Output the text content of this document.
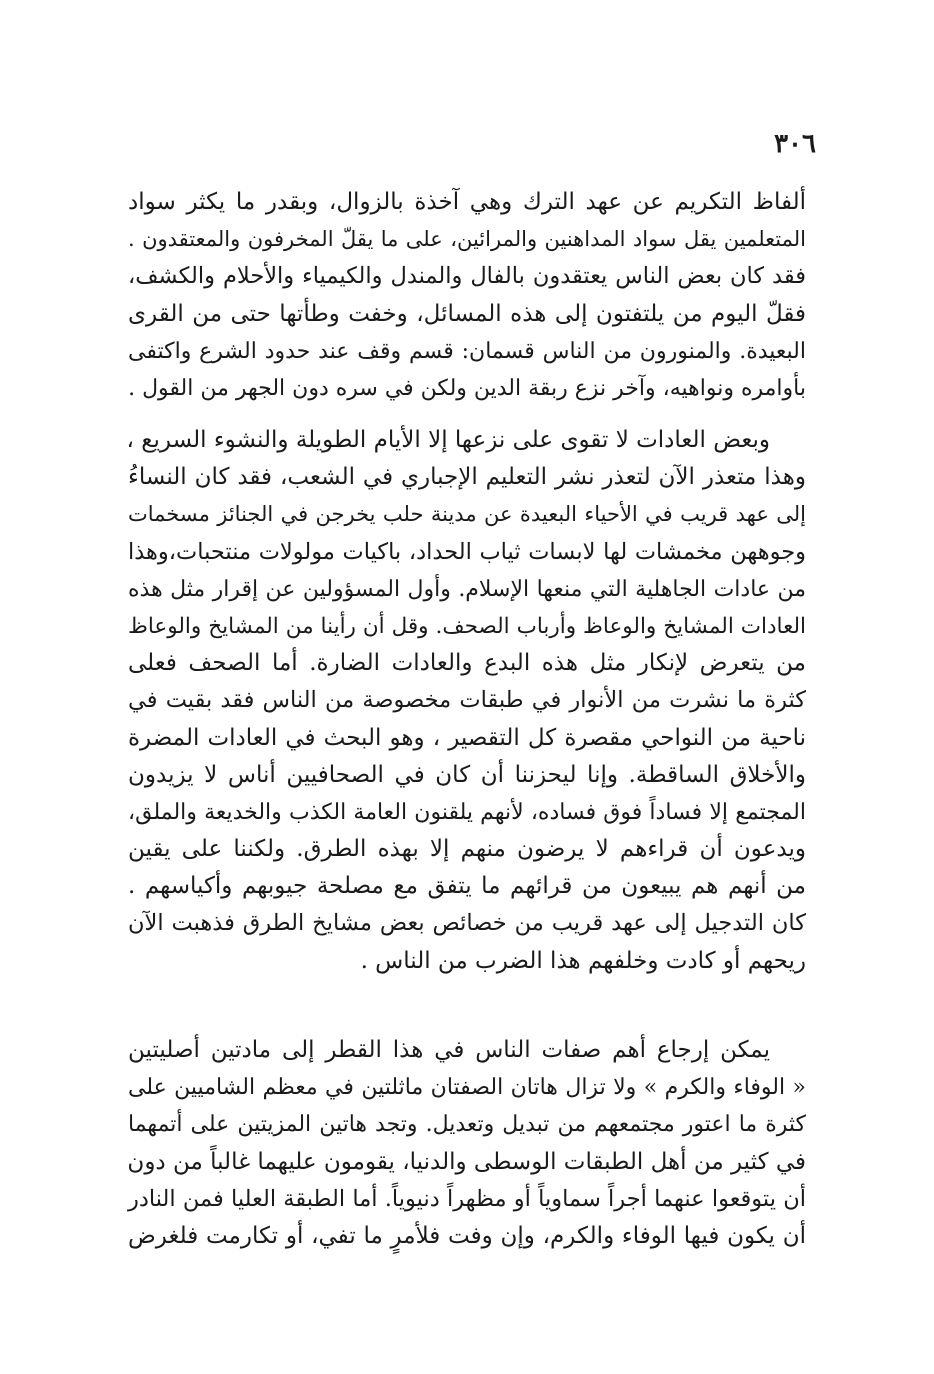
٣٠٦
ألفاظ التكريم عن عهد الترك وهي آخذة بالزوال، وبقدر ما يكثر سواد
المتعلمين يقل سواد المداهنين والمرائين، على ما يقلّ المخرفون والمعتقدون .
فقد كان بعض الناس يعتقدون بالفال والمندل والكيمياء والأحلام والكشف،
فقلّ اليوم من يلتفتون إلى هذه المسائل، وخفت وطأتها حتى من القرى
البعيدة. والمنورون من الناس قسمان: قسم وقف عند حدود الشرع واكتفى
بأوامره ونواهيه، وآخر نزع ربقة الدين ولكن في سره دون الجهر من القول .
وبعض العادات لا تقوى على نزعها إلا الأيام الطويلة والنشوء السريع ،
وهذا متعذر الآن لتعذر نشر التعليم الإجباري في الشعب، فقد كان النساءُ
إلى عهد قريب في الأحياء البعيدة عن مدينة حلب يخرجن في الجنائز مسخمات
وجوههن مخمشات لها لابسات ثياب الحداد، باكيات مولولات منتحبات،وهذا
من عادات الجاهلية التي منعها الإسلام. وأول المسؤولين عن إقرار مثل هذه
العادات المشايخ والوعاظ وأرباب الصحف. وقل أن رأينا من المشايخ والوعاظ
من يتعرض لإنكار مثل هذه البدع والعادات الضارة. أما الصحف فعلى
كثرة ما نشرت من الأنوار في طبقات مخصوصة من الناس فقد بقيت في
ناحية من النواحي مقصرة كل التقصير ، وهو البحث في العادات المضرة
والأخلاق الساقطة. وإنا ليحزننا أن كان في الصحافيين أناس لا يزيدون
المجتمع إلا فساداً فوق فساده، لأنهم يلقنون العامة الكذب والخديعة والملق،
ويدعون أن قراءهم لا يرضون منهم إلا بهذه الطرق. ولكننا على يقين
من أنهم هم يبيعون من قرائهم ما يتفق مع مصلحة جيوبهم وأكياسهم .
كان التدجيل إلى عهد قريب من خصائص بعض مشايخ الطرق فذهبت الآن
ريحهم أو كادت وخلفهم هذا الضرب من الناس .
يمكن إرجاع أهم صفات الناس في هذا القطر إلى مادتين أصليتين
« الوفاء والكرم » ولا تزال هاتان الصفتان ماثلتين في معظم الشاميين على
كثرة ما اعتور مجتمعهم من تبديل وتعديل. وتجد هاتين المزيتين على أتمهما
في كثير من أهل الطبقات الوسطى والدنيا، يقومون عليهما غالباً من دون
أن يتوقعوا عنهما أجراً سماوياً أو مظهراً دنيوياً. أما الطبقة العليا فمن النادر
أن يكون فيها الوفاء والكرم، وإن وفت فلأمرٍ ما تفي، أو تكارمت فلغرض
